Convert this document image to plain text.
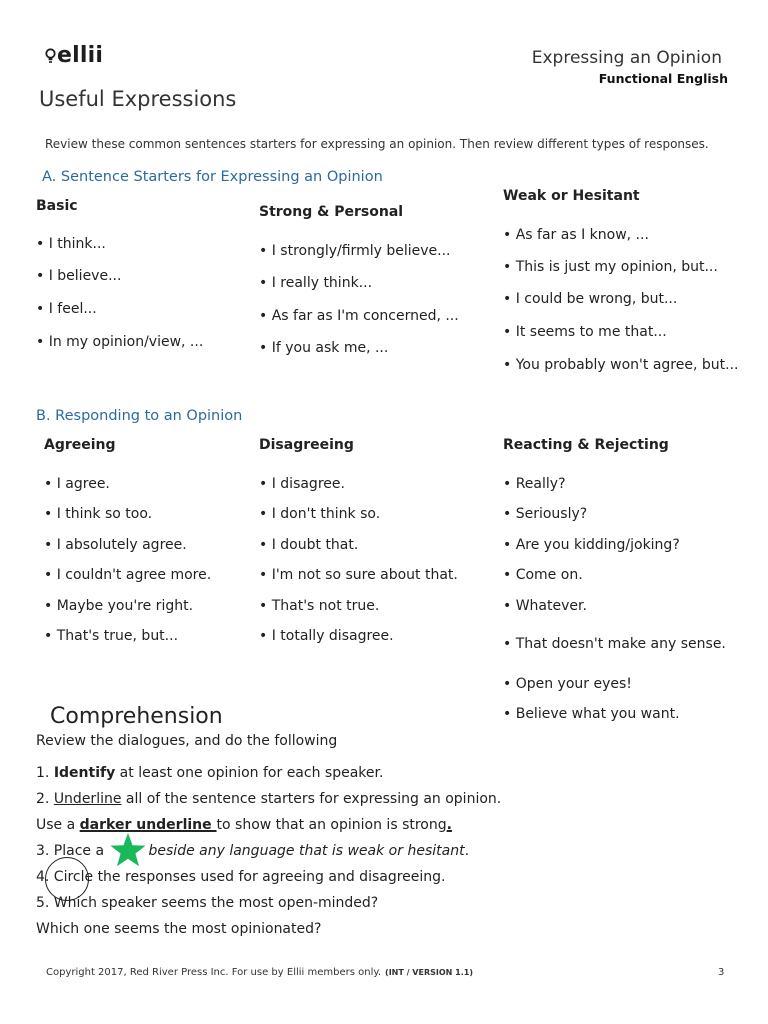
ellii	Expressing an Opinion
Functional English
Useful Expressions
Review these common sentences starters for expressing an opinion. Then review different types of responses.
A. Sentence Starters for Expressing an Opinion
Basic
• I think...
• I believe...
• I feel...
• In my opinion/view, ...
Strong & Personal
• I strongly/firmly believe...
• I really think...
• As far as I'm concerned, ...
• If you ask me, ...
Weak or Hesitant
• As far as I know, ...
• This is just my opinion, but...
• I could be wrong, but...
• It seems to me that...
• You probably won't agree, but...
B. Responding to an Opinion
Agreeing
• I agree.
• I think so too.
• I absolutely agree.
• I couldn't agree more.
• Maybe you're right.
• That's true, but...
Disagreeing
• I disagree.
• I don't think so.
• I doubt that.
• I'm not so sure about that.
• That's not true.
• I totally disagree.
Reacting & Rejecting
• Really?
• Seriously?
• Are you kidding/joking?
• Come on.
• Whatever.
• That doesn't make any sense.
• Open your eyes!
• Believe what you want.
Comprehension
Review the dialogues, and do the following
1. Identify at least one opinion for each speaker.
2. Underline all of the sentence starters for expressing an opinion.
Use a darker underline to show that an opinion is strong.
3. Place a	beside any language that is weak or hesitant.
4. Circle the responses used for agreeing and disagreeing.
5. Which speaker seems the most open-minded?
Which one seems the most opinionated?
Copyright 2017, Red River Press Inc. For use by Ellii members only. (INT / VERSION 1.1)	3
